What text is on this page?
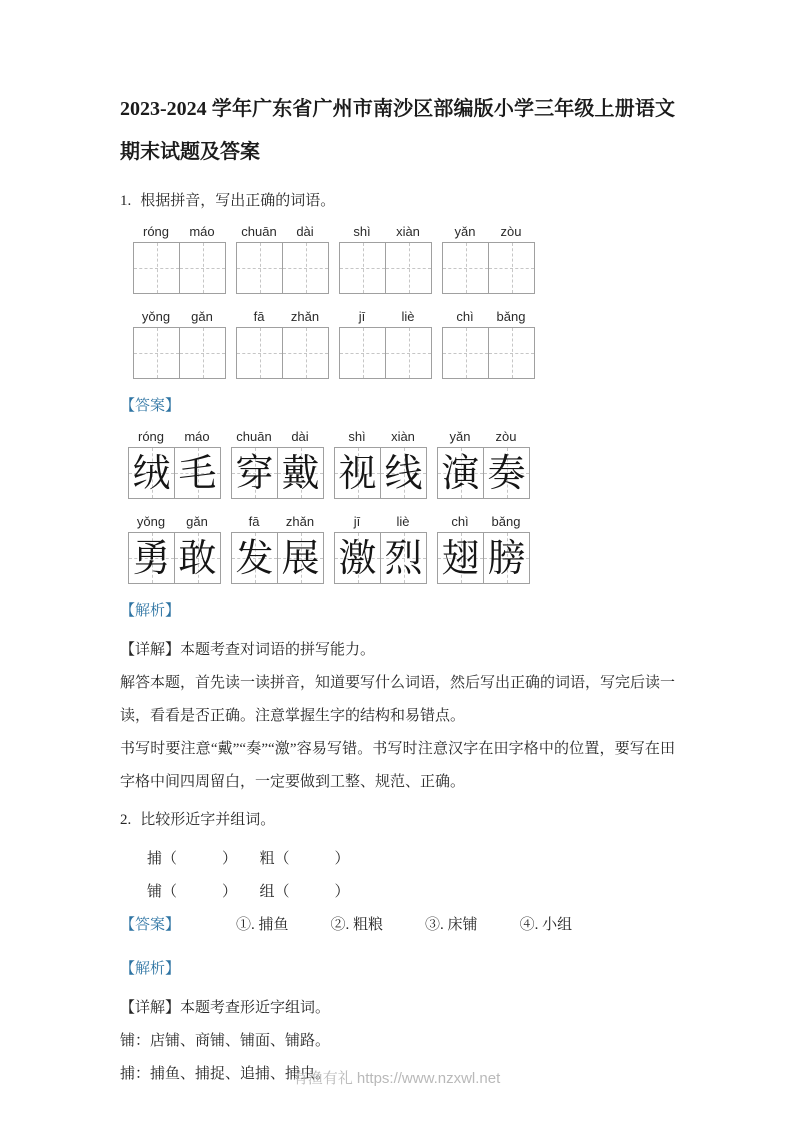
2023-2024 学年广东省广州市南沙区部编版小学三年级上册语文期末试题及答案

1. 根据拼音，写出正确的词语。

róng	máo	chuān	dài	shì	xiàn	yǎn	zòu
yǒng	gǎn	fā	zhǎn	jī	liè	chì	bǎng

【答案】

róng	máo
绒 毛
chuān	dài
穿 戴
shì	xiàn
视 线
yǎn	zòu
演 奏
yǒng	gǎn
勇 敢
fā	zhǎn
发 展
jī	liè
激 烈
chì	bǎng
翅 膀

【解析】

【详解】本题考查对词语的拼写能力。

解答本题，首先读一读拼音，知道要写什么词语，然后写出正确的词语，写完后读一读，看看是否正确。注意掌握生字的结构和易错点。

书写时要注意“戴”“奏”“激”容易写错。书写时注意汉字在田字格中的位置，要写在田字格中间四周留白，一定要做到工整、规范、正确。

2. 比较形近字并组词。

捕（　　　）　　粗（　　　）

铺（　　　）　　组（　　　）

【答案】	①. 捕鱼	②. 粗粮	③. 床铺	④. 小组

【解析】

【详解】本题考查形近字组词。

铺：店铺、商铺、铺面、铺路。

捕：捕鱼、捕捉、追捕、捕虫。

有渔有礼 https://www.nzxwl.net
